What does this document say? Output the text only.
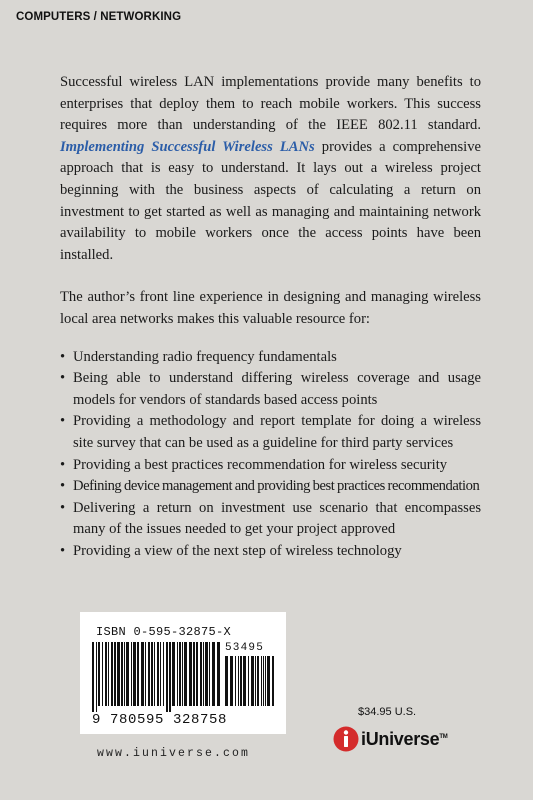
COMPUTERS / NETWORKING

Successful wireless LAN implementations provide many benefits to enterprises that deploy them to reach mobile workers. This success requires more than understanding of the IEEE 802.11 standard. Implementing Successful Wireless LANs provides a comprehensive approach that is easy to understand. It lays out a wireless project beginning with the business aspects of calculating a return on investment to get started as well as managing and maintaining network availability to mobile workers once the access points have been installed.

The author’s front line experience in designing and managing wireless local area networks makes this valuable resource for:

• Understanding radio frequency fundamentals
• Being able to understand differing wireless coverage and usage models for vendors of standards based access points
• Providing a methodology and report template for doing a wireless site survey that can be used as a guideline for third party services
• Providing a best practices recommendation for wireless security
• Defining device management and providing best practices recommendation
• Delivering a return on investment use scenario that encompasses many of the issues needed to get your project approved
• Providing a view of the next step of wireless technology
ISBN 0-595-32875-X
53495
9 780595 328758
www.iuniverse.com
$34.95 U.S.
iUniverse™
